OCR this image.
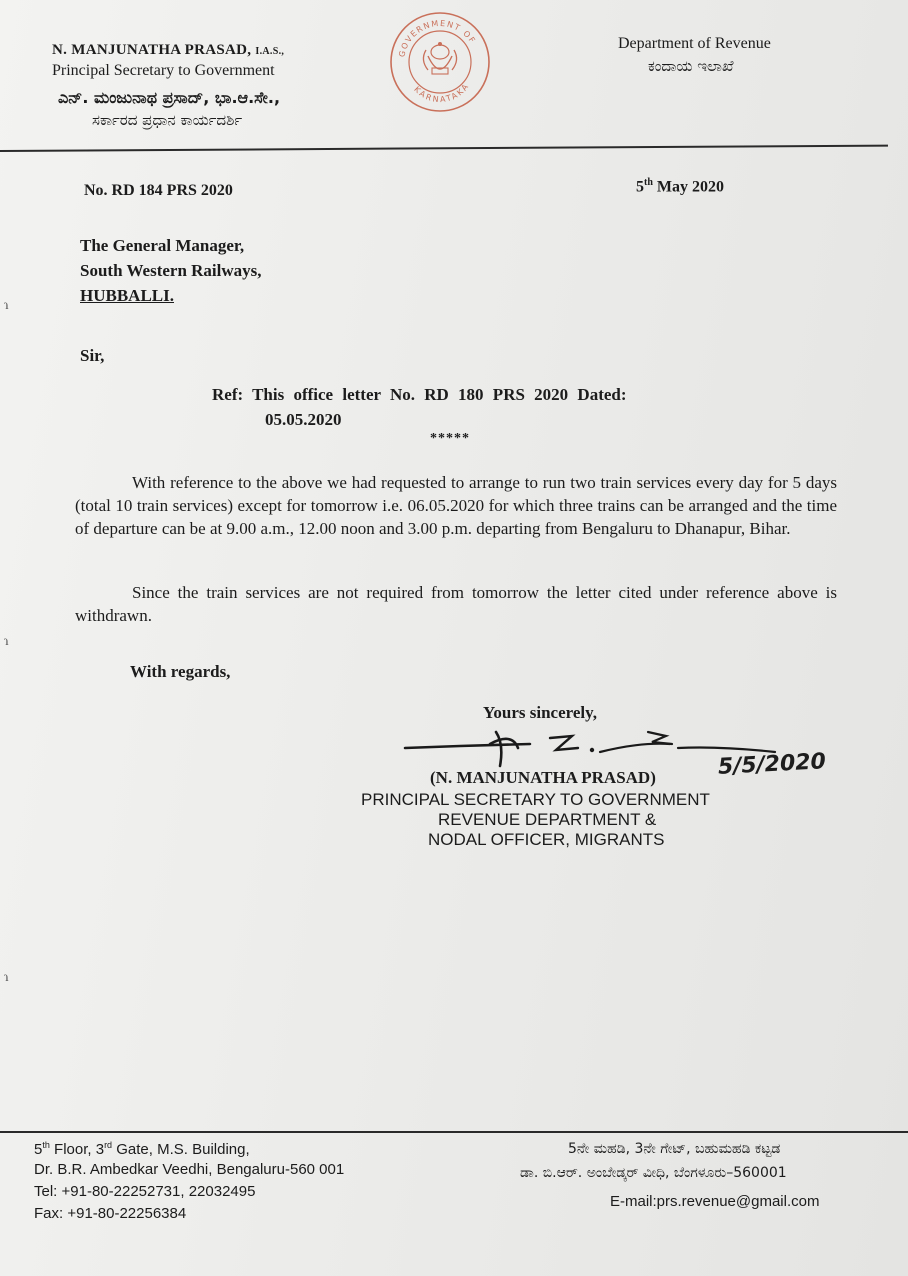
N. MANJUNATHA PRASAD, I.A.S.,
Principal Secretary to Government
ಎನ್. ಮಂಜುನಾಥ ಪ್ರಸಾದ್, ಭಾ.ಆ.ಸೇ.,
ಸರ್ಕಾರದ ಪ್ರಧಾನ ಕಾರ್ಯದರ್ಶಿ
GOVERNMENT OF
KARNATAKA
Department of Revenue
ಕಂದಾಯ ಇಲಾಖೆ
No. RD 184 PRS 2020	5th May 2020
The General Manager,
South Western Railways,
HUBBALLI.
Sir,
Ref: This office letter No. RD 180 PRS 2020 Dated:
05.05.2020
*****
With reference to the above we had requested to arrange to run two train services every day for 5 days (total 10 train services) except for tomorrow i.e. 06.05.2020 for which three trains can be arranged and the time of departure can be at 9.00 a.m., 12.00 noon and 3.00 p.m. departing from Bengaluru to Dhanapur, Bihar.
Since the train services are not required from tomorrow the letter cited under reference above is withdrawn.
With regards,
Yours sincerely,
5/5/2020
(N. MANJUNATHA PRASAD)
PRINCIPAL SECRETARY TO GOVERNMENT
REVENUE DEPARTMENT &
NODAL OFFICER, MIGRANTS
ɿ
ɿ
ɿ
5th Floor, 3rd Gate, M.S. Building,
Dr. B.R. Ambedkar Veedhi, Bengaluru-560 001
Tel: +91-80-22252731, 22032495
Fax: +91-80-22256384
5ನೇ ಮಹಡಿ, 3ನೇ ಗೇಟ್, ಬಹುಮಹಡಿ ಕಟ್ಟಡ
ಡಾ. ಬಿ.ಆರ್. ಅಂಬೇಡ್ಕರ್ ವೀಧಿ, ಬೆಂಗಳೂರು–560001
E-mail:prs.revenue@gmail.com
